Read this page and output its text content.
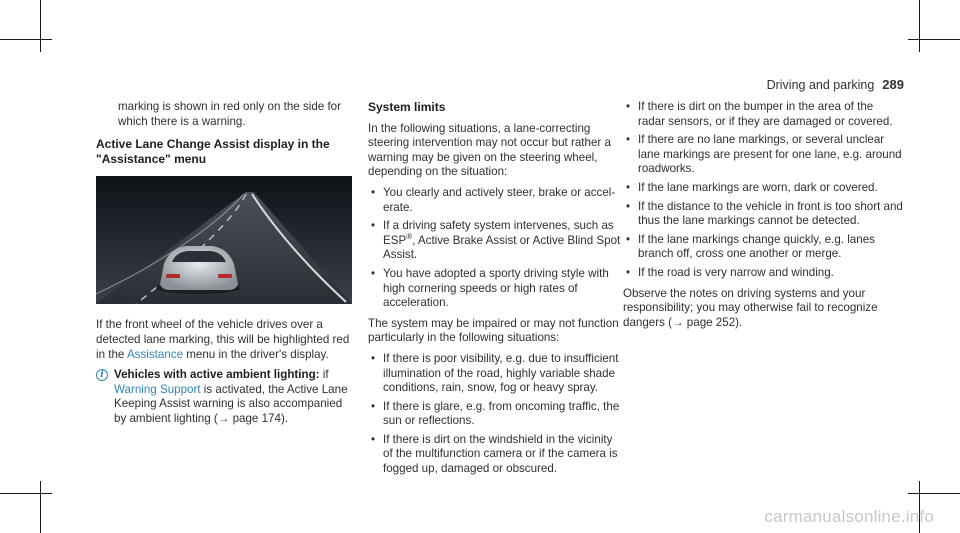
Driving and parking 289

marking is shown in red only on the side for which there is a warning.

Active Lane Change Assist display in the "Assistance" menu

If the front wheel of the vehicle drives over a detected lane marking, this will be highlighted red in the Assistance menu in the driver's display.

i Vehicles with active ambient lighting: if Warning Support is activated, the Active Lane Keeping Assist warning is also accompanied by ambient lighting (→ page 174).
System limits

In the following situations, a lane-correcting steering intervention may not occur but rather a warning may be given on the steering wheel, depending on the situation:

• You clearly and actively steer, brake or accelerate.
• If a driving safety system intervenes, such as ESP®, Active Brake Assist or Active Blind Spot Assist.
• You have adopted a sporty driving style with high cornering speeds or high rates of acceleration.

The system may be impaired or may not function particularly in the following situations:

• If there is poor visibility, e.g. due to insufficient illumination of the road, highly variable shade conditions, rain, snow, fog or heavy spray.
• If there is glare, e.g. from oncoming traffic, the sun or reflections.
• If there is dirt on the windshield in the vicinity of the multifunction camera or if the camera is fogged up, damaged or obscured.
• If there is dirt on the bumper in the area of the radar sensors, or if they are damaged or covered.
• If there are no lane markings, or several unclear lane markings are present for one lane, e.g. around roadworks.
• If the lane markings are worn, dark or covered.
• If the distance to the vehicle in front is too short and thus the lane markings cannot be detected.
• If the lane markings change quickly, e.g. lanes branch off, cross one another or merge.
• If the road is very narrow and winding.

Observe the notes on driving systems and your responsibility; you may otherwise fail to recognize dangers (→ page 252).

carmanualsonline.info
